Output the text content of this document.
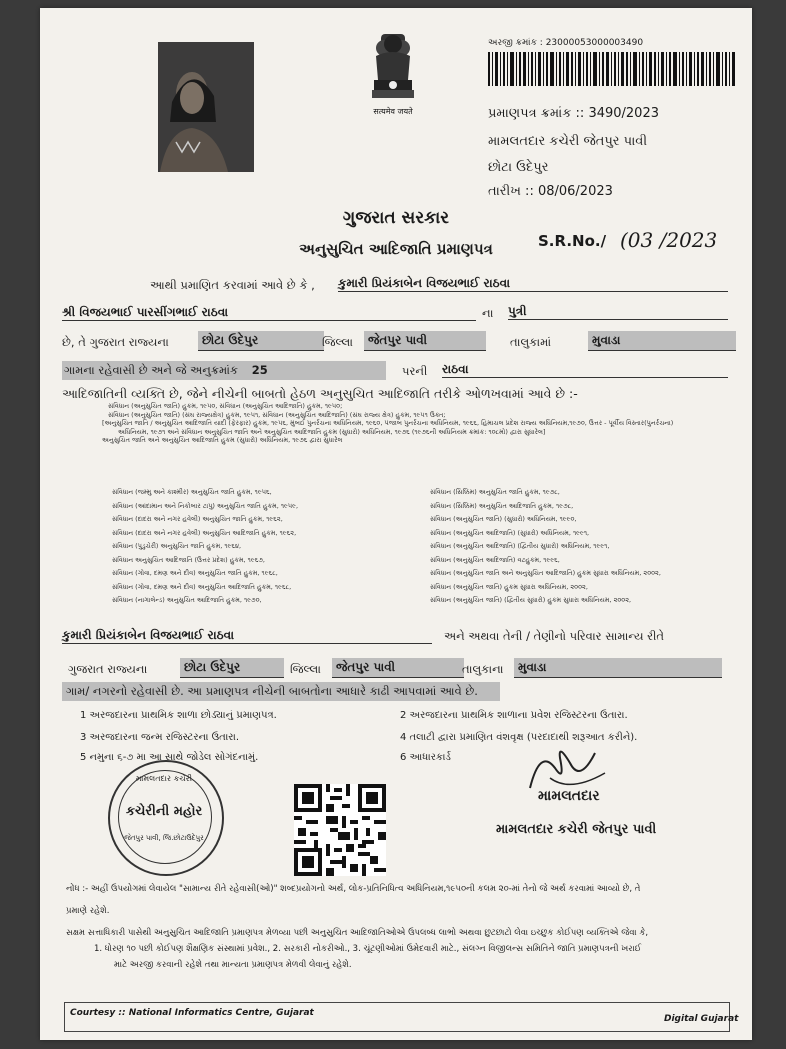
सत्यमेव जयते
અરજી ક્રમાંક : 23000053000003490
પ્રમાણપત્ર ક્રમાંક :: 3490/2023
મામલતદાર કચેરી જેતપુર પાવી
છોટા ઉદેપુર
તારીખ :: 08/06/2023
ગુજરાત સરકાર
અનુસુચિત આદિજાતિ પ્રમાણપત્ર	S.R.No./ (03 /2023
આથી પ્રમાણિત કરવામાં આવે છે કે , કુમારી પ્રિયંકાબેન વિજયભાઈ રાઠવા
શ્રી વિજયભાઈ પારસીંગભાઈ રાઠવા	ના પુત્રી
છે, તે ગુજરાત રાજ્યના	છોટા ઉદેપુર	જિલ્લા	જેતપુર પાવી	તાલુકામાં	મુવાડા
ગામના રહેવાસી છે અને જે અનુક્રમાંક 25	પરની રાઠવા
આદિજાતિની વ્યક્તિ છે, જેને નીચેની બાબતો હેઠળ અનુસુચિત આદિજાતિ તરીકે ઓળખવામાં આવે છે :-
સંવિધાન (અનુસુચિત જાતિ) હુકમ, ૧૯૫૦, સંવિધાન (અનુસુચિત આદિજાતિ) હુકમ, ૧૯૫૦;
સંવિધાન (અનુસુચિત જાતિ) (સંઘ રાજ્યક્ષેત્ર) હુકમ, ૧૯૫૧, સંવિધાન (અનુસુચિત આદિજાતિ) (સંઘ રાજ્ય ક્ષેત્ર) હુકમ, ૧૯૫૧ ઉક્ત;
[અનુસુચિત જાતિ / અનુસુચિત આદિજાતિ યાદી (ફેરફાર) હુકમ, ૧૯૫૬, મુંબઈ પુનર્રચના અધિનિયમ, ૧૯૬૦, પંજાબ પુનર્રચના અધિનિયમ, ૧૯૬૬, હિમાચલ પ્રદેશ રાજ્ય અધિનિયમ,૧૯૭૦, ઉત્તર - પૂર્વીય વિસ્તાર(પુનર્રચના)
અધિનિયમ, ૧૯૭૧ અને સંવિધાન અનુસુચિત જાતિ અને અનુસુચિત આદિજાતિ હુકમ (સુધારો) અધિનિયમ, ૧૯૭૬ (૧૯૭૬ની અધિનિયમ ક્રમાંક: ૧૦૮મો) દ્વારા સુધારેલ]
અનુસુચિત જાતિ અને અનુસુચિત આદિજાતિ હુકમ (સુધારો) અધિનિયમ, ૧૯૭૬ દ્વારા સુધારેલ
સંવિધાન (જમ્મુ અને કાશ્મીર) અનુસુચિત જાતિ હુકમ, ૧૯૫૬,
સંવિધાન (આંદામાન અને નિકોબાર ટાપુ) અનુસુચિત જાતિ હુકમ, ૧૯૫૯,
સંવિધાન (દાદરા અને નગર હવેલી) અનુસુચિત જાતિ હુકમ, ૧૯૬૨,
સંવિધાન (દાદરા અને નગર હવેલી) અનુસુચિત આદિજાતિ હુકમ, ૧૯૬૨,
સંવિધાન (પુડુચેરી) અનુસુચિત જાતિ હુકમ, ૧૯૬૪,
સંવિધાન અનુસુચિત આદિજાતિ (ઉત્તર પ્રદેશ) હુકમ, ૧૯૬૭,
સંવિધાન (ગોવા, દમણ અને દીવ) અનુસુચિત જાતિ હુકમ, ૧૯૬૮,
સંવિધાન (ગોવા, દમણ અને દીવ) અનુસુચિત આદિજાતિ હુકમ, ૧૯૬૮,
સંવિધાન (નાગાલેન્ડ) અનુસુચિત આદિજાતિ હુકમ, ૧૯૭૦,
સંવિધાન (સિક્કિમ) અનુસુચિત જાતિ હુકમ, ૧૯૭૮,
સંવિધાન (સિક્કિમ) અનુસુચિત આદિજાતિ હુકમ, ૧૯૭૮,
સંવિધાન (અનુસુચિત જાતિ) (સુધારો) અધિનિયમ, ૧૯૯૦,
સંવિધાન (અનુસુચિત આદિજાતિ) (સુધારો) અધિનિયમ, ૧૯૯૧,
સંવિધાન (અનુસુચિત આદિજાતિ) (દ્વિતીય સુધારો) અધિનિયમ, ૧૯૯૧,
સંવિધાન (અનુસુચિત આદિજાતિ) વટહુકમ, ૧૯૯૬,
સંવિધાન (અનુસુચિત જાતિ અને અનુસુચિત આદિજાતિ) હુકમ સુધારા અધિનિયમ, ૨૦૦૨,
સંવિધાન (અનુસુચિત જાતિ) હુકમ સુધારા અધિનિયમ, ૨૦૦૨,
સંવિધાન (અનુસુચિત જાતિ) (દ્વિતીય સુધારો) હુકમ સુધારા અધિનિયમ, ૨૦૦૨,
કુમારી પ્રિયંકાબેન વિજયભાઈ રાઠવા	અને અથવા તેની / તેણીનો પરિવાર સામાન્ય રીતે
ગુજરાત રાજ્યના	છોટા ઉદેપુર	જિલ્લા	જેતપુર પાવી	તાલુકાના	મુવાડા
ગામ/ નગરનો રહેવાસી છે. આ પ્રમાણપત્ર નીચેની બાબતોના આધારે કાઢી આપવામાં આવે છે.
1 અરજદારના પ્રાથમિક શાળા છોડ્યાનું પ્રમાણપત્ર.	2 અરજદારના પ્રાથમિક શાળાના પ્રવેશ રજિસ્ટરના ઉતારા.
3 અરજદારના જન્મ રજિસ્ટરના ઉતારા.	4 તલાટી દ્વારા પ્રમાણિત વંશવૃક્ષ (પરદાદાથી શરૂઆત કરીને).
5 નમુના ૬-૭ મા આ સાથે જોડેલ સોગંદનામું.	6 આધારકાર્ડ
મામલતદાર કચેરી
કચેરીની મહોર
જેતપુર પાવી, જિ.છોટાઉદેપુર
મામલતદાર
મામલતદાર કચેરી જેતપુર પાવી
નોંધ :- અહીં ઉપયોગમાં લેવાયેલ "સામાન્ય રીતે રહેવાસી(ઓ)" શબ્દપ્રયોગનો અર્થ, લોક-પ્રતિનિધિત્વ અધિનિયમ,૧૯૫૦ની કલમ ૨૦-માં તેનો જે અર્થ કરવામાં આવ્યો છે, તે
પ્રમાણે રહેશે.
સક્ષમ સત્તાધિકારી પાસેથી અનુસુચિત આદિજાતિ પ્રમાણપત્ર મેળવ્યા પછી અનુસુચિત આદિજાતિઓએ ઉપલબ્ધ લાભો અથવા છુટછાટો લેવા ઇચ્છુક કોઈપણ વ્યક્તિએ જેવા કે,
1. ધોરણ ૧૦ પછી કોઈપણ શૈક્ષણિક સંસ્થામાં પ્રવેશ., 2. સરકારી નોકરીઓ., 3. ચૂંટણીઓમાં ઉમેદવારી માટે., સંલગ્ન વિજીલન્સ સમિતિને જાતિ પ્રમાણપત્રની ખરાઈ
માટે અરજી કરવાની રહેશે તથા માન્યતા પ્રમાણપત્ર મેળવી લેવાનું રહેશે.
Courtesy :: National Informatics Centre, Gujarat
Digital Gujarat
